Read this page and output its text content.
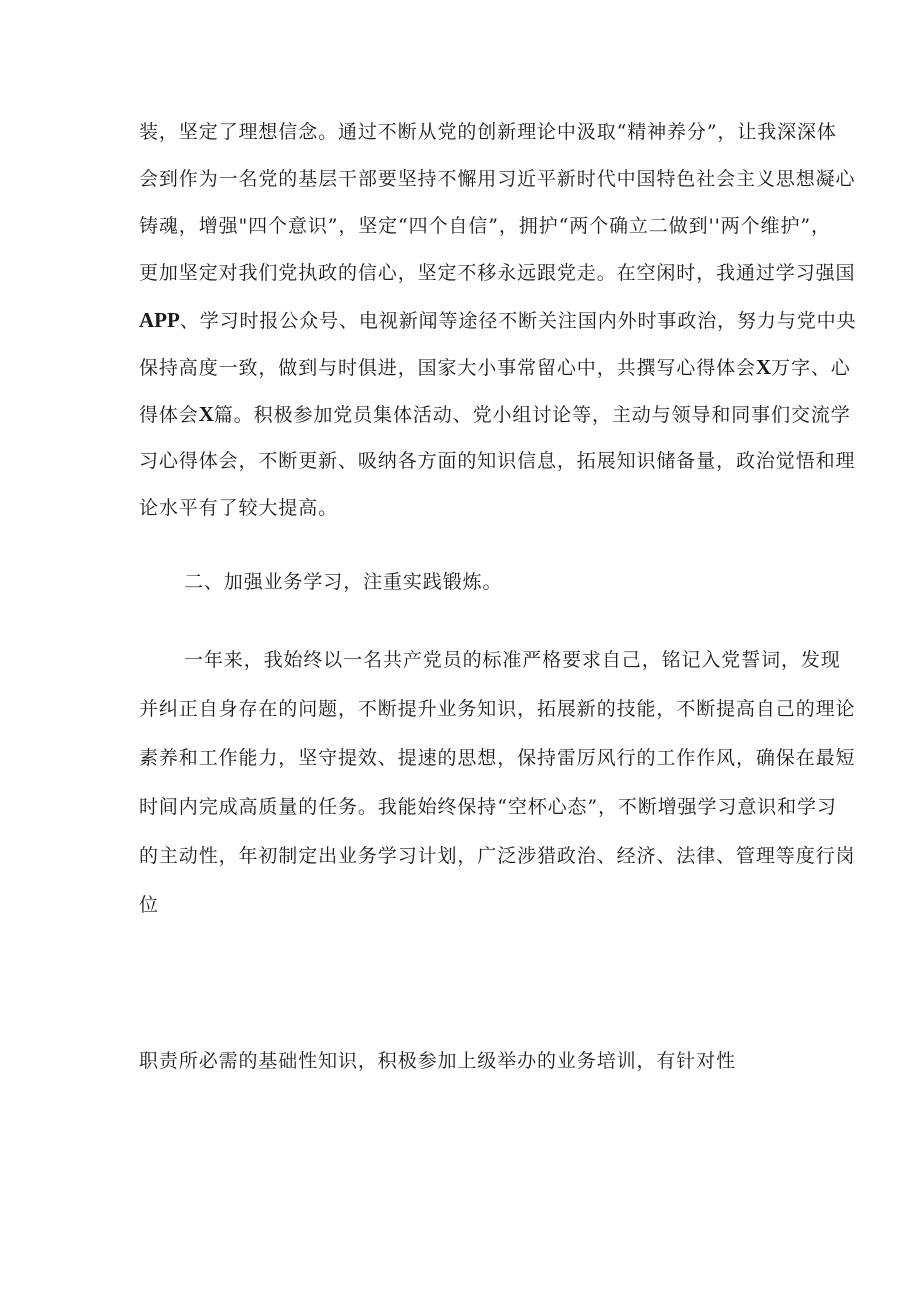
装，坚定了理想信念。通过不断从党的创新理论中汲取“精神养分”，让我深深体

会到作为一名党的基层干部要坚持不懈用习近平新时代中国特色社会主义思想凝心

铸魂，增强"四个意识”，坚定“四个自信”，拥护“两个确立二做到''两个维护”，

更加坚定对我们党执政的信心，坚定不移永远跟党走。在空闲时，我通过学习强国

APP、学习时报公众号、电视新闻等途径不断关注国内外时事政治，努力与党中央

保持高度一致，做到与时俱进，国家大小事常留心中，共撰写心得体会X万字、心

得体会X篇。积极参加党员集体活动、党小组讨论等，主动与领导和同事们交流学

习心得体会，不断更新、吸纳各方面的知识信息，拓展知识储备量，政治觉悟和理

论水平有了较大提高。

二、加强业务学习，注重实践锻炼。

一年来，我始终以一名共产党员的标准严格要求自己，铭记入党誓词，发现

并纠正自身存在的问题，不断提升业务知识，拓展新的技能，不断提高自己的理论

素养和工作能力，坚守提效、提速的思想，保持雷厉风行的工作作风，确保在最短

时间内完成高质量的任务。我能始终保持“空杯心态”，不断增强学习意识和学习

的主动性，年初制定出业务学习计划，广泛涉猎政治、经济、法律、管理等度行岗

位

职责所必需的基础性知识，积极参加上级举办的业务培训，有针对性
